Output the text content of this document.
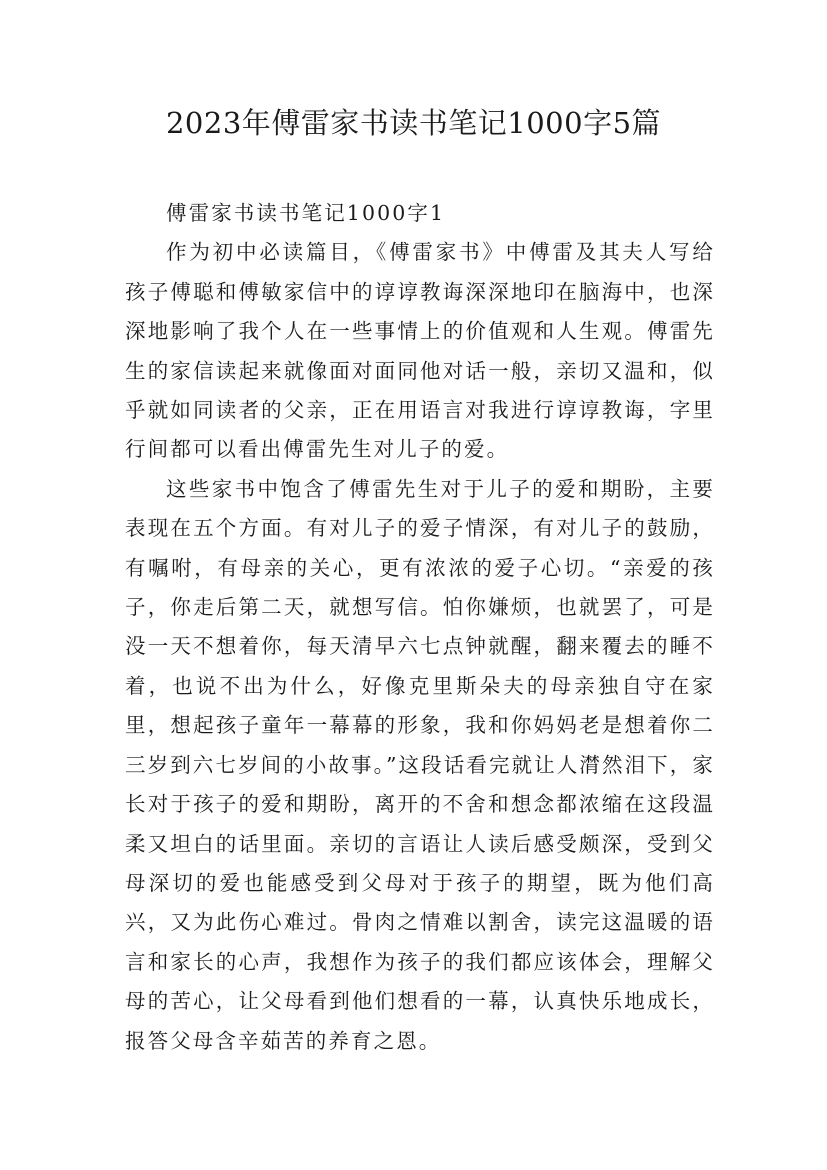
2023年傅雷家书读书笔记1000字5篇
傅雷家书读书笔记1000字1

作为初中必读篇目，《傅雷家书》中傅雷及其夫人写给孩子傅聪和傅敏家信中的谆谆教诲深深地印在脑海中，也深深地影响了我个人在一些事情上的价值观和人生观。傅雷先生的家信读起来就像面对面同他对话一般，亲切又温和，似乎就如同读者的父亲，正在用语言对我进行谆谆教诲，字里行间都可以看出傅雷先生对儿子的爱。

这些家书中饱含了傅雷先生对于儿子的爱和期盼，主要表现在五个方面。有对儿子的爱子情深，有对儿子的鼓励，有嘱咐，有母亲的关心，更有浓浓的爱子心切。“亲爱的孩子，你走后第二天，就想写信。怕你嫌烦，也就罢了，可是没一天不想着你，每天清早六七点钟就醒，翻来覆去的睡不着，也说不出为什么，好像克里斯朵夫的母亲独自守在家里，想起孩子童年一幕幕的形象，我和你妈妈老是想着你二三岁到六七岁间的小故事。”这段话看完就让人潸然泪下，家长对于孩子的爱和期盼，离开的不舍和想念都浓缩在这段温柔又坦白的话里面。亲切的言语让人读后感受颇深，受到父母深切的爱也能感受到父母对于孩子的期望，既为他们高兴，又为此伤心难过。骨肉之情难以割舍，读完这温暖的语言和家长的心声，我想作为孩子的我们都应该体会，理解父母的苦心，让父母看到他们想看的一幕，认真快乐地成长，报答父母含辛茹苦的养育之恩。
